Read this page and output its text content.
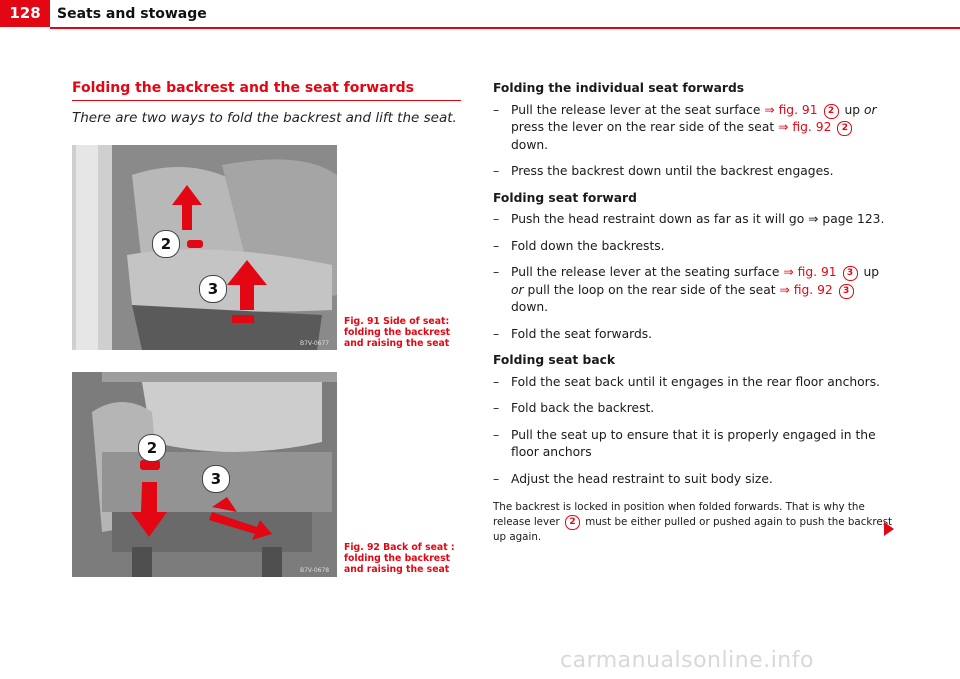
128	Seats and stowage
Folding the backrest and the seat forwards
There are two ways to fold the backrest and lift the seat.
B7V-0677
2
3
Fig. 91 Side of seat: folding the backrest and raising the seat
B7V-0678
2
3
Fig. 92 Back of seat : folding the backrest and raising the seat
Folding the individual seat forwards
– Pull the release lever at the seat surface ⇒ fig. 91 2 up or press the lever on the rear side of the seat ⇒ fig. 92 2 down.
– Press the backrest down until the backrest engages.
Folding seat forward
– Push the head restraint down as far as it will go ⇒ page 123.
– Fold down the backrests.
– Pull the release lever at the seating surface ⇒ fig. 91 3 up or pull the loop on the rear side of the seat ⇒ fig. 92 3 down.
– Fold the seat forwards.
Folding seat back
– Fold the seat back until it engages in the rear floor anchors.
– Fold back the backrest.
– Pull the seat up to ensure that it is properly engaged in the floor anchors
– Adjust the head restraint to suit body size.
The backrest is locked in position when folded forwards. That is why the release lever 2 must be either pulled or pushed again to push the backrest up again.
carmanualsonline.info
